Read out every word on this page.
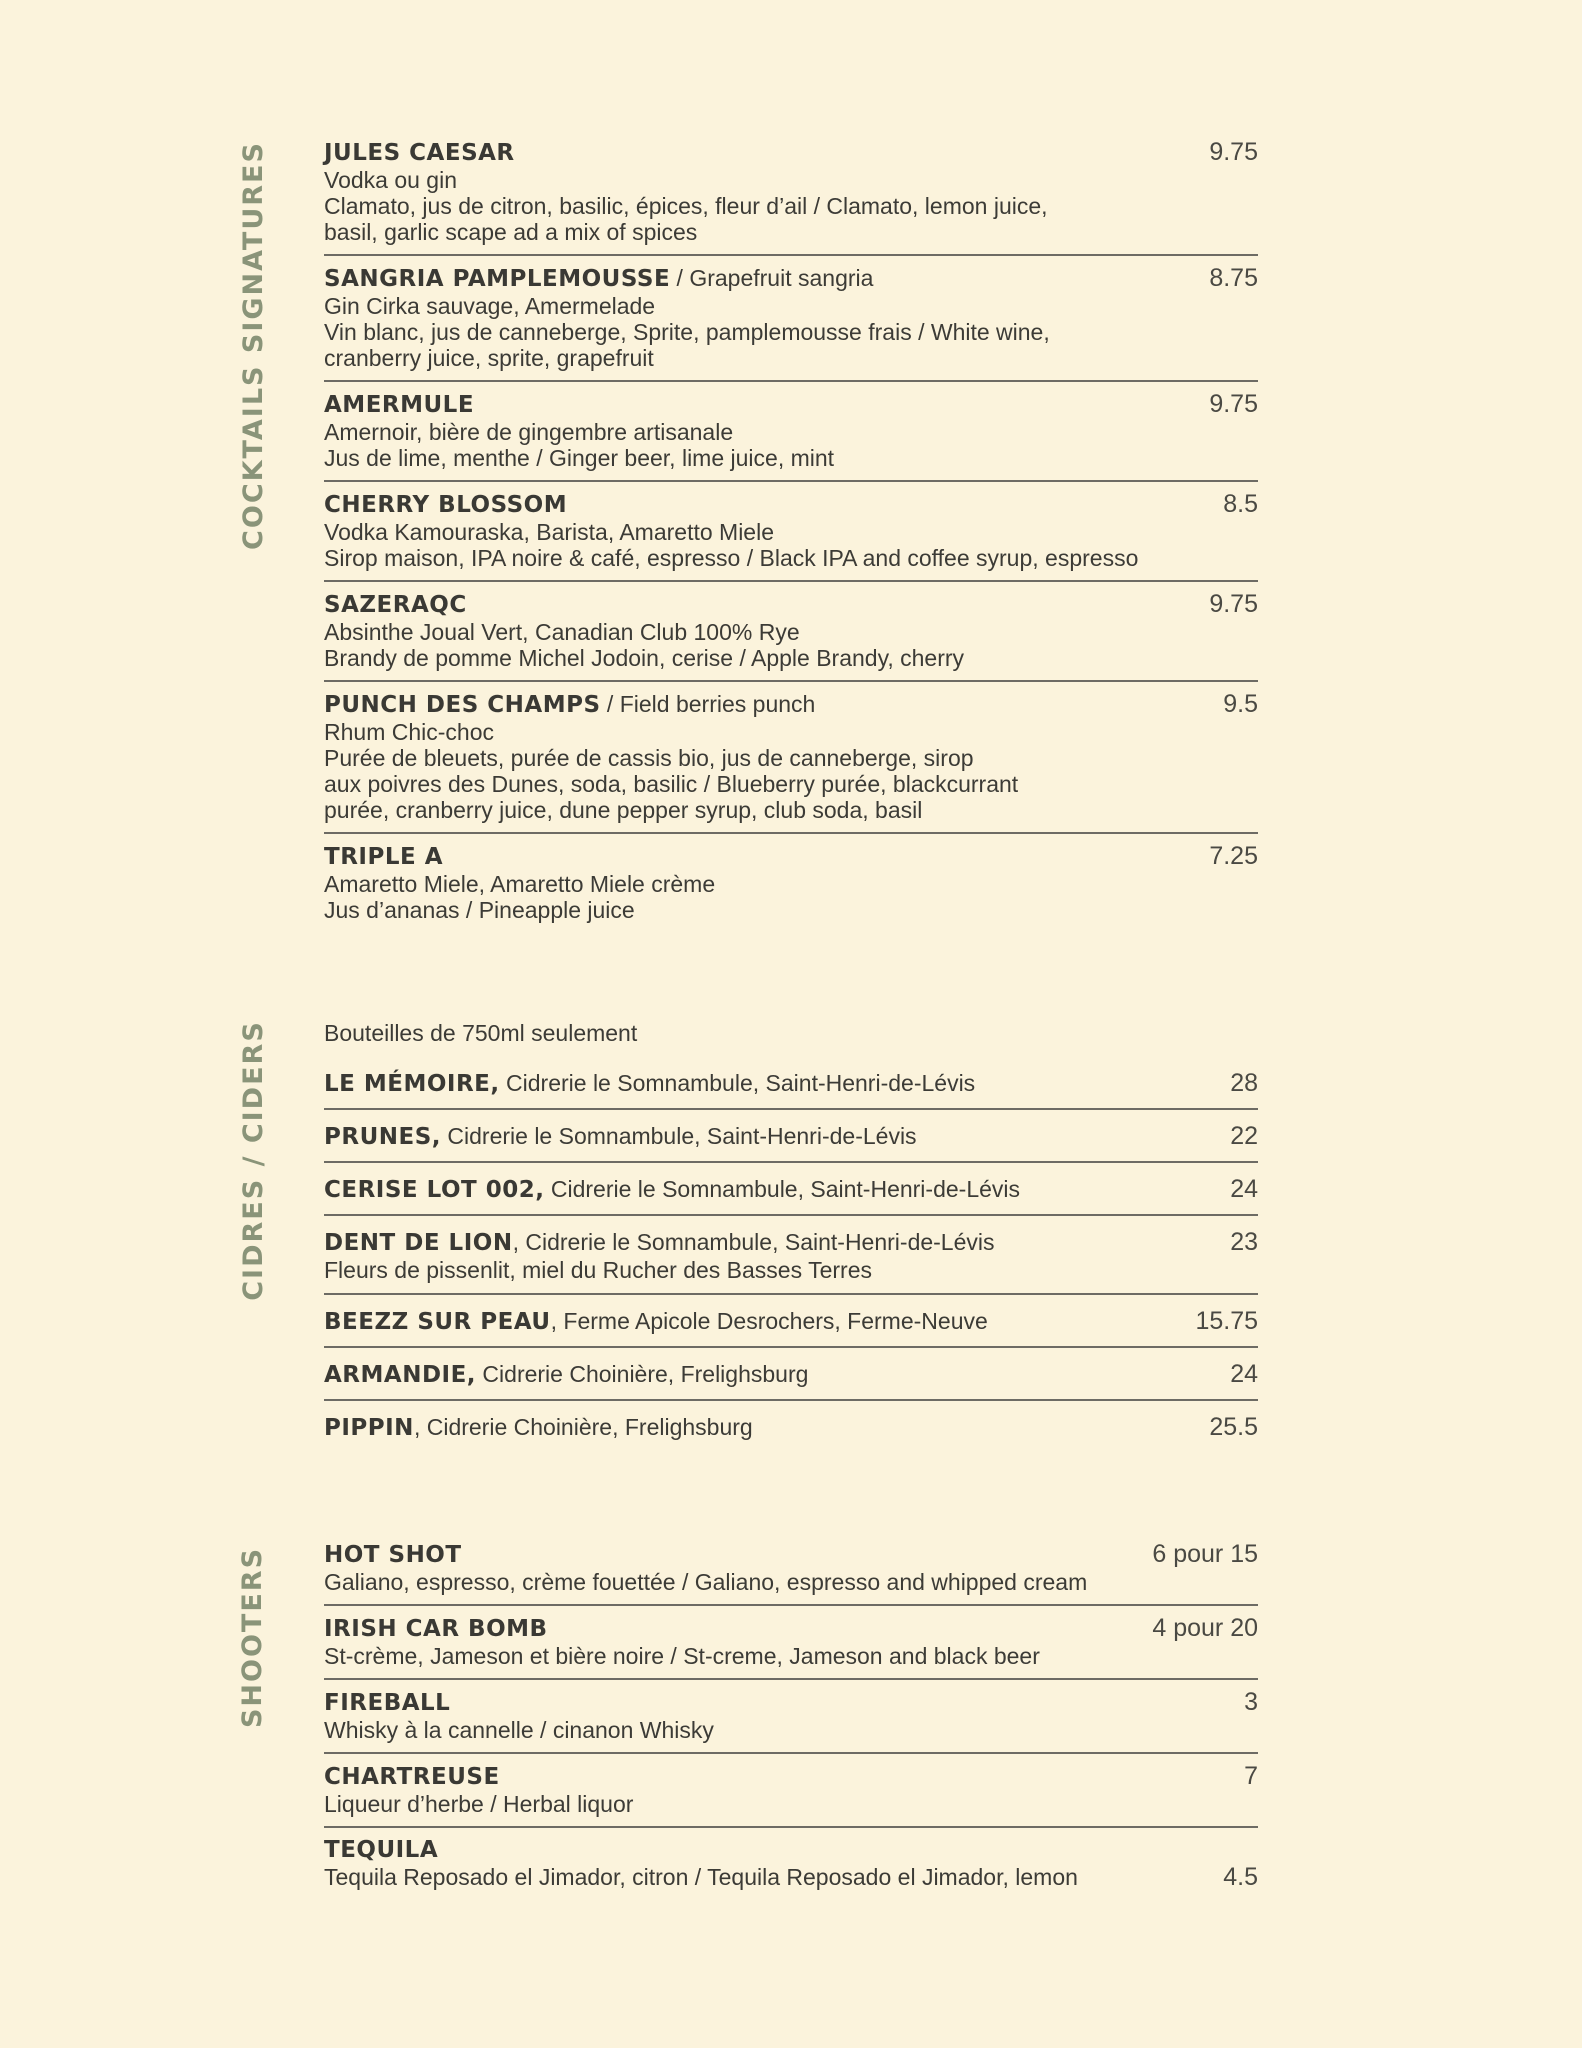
COCKTAILS SIGNATURES JULES CAESAR	9.75
Vodka ou gin
Clamato, jus de citron, basilic, épices, fleur d’ail / Clamato, lemon juice,
basil, garlic scape ad a mix of spices
SANGRIA PAMPLEMOUSSE / Grapefruit sangria	8.75
Gin Cirka sauvage, Amermelade
Vin blanc, jus de canneberge, Sprite, pamplemousse frais / White wine,
cranberry juice, sprite, grapefruit
AMERMULE	9.75
Amernoir, bière de gingembre artisanale
Jus de lime, menthe / Ginger beer, lime juice, mint
CHERRY BLOSSOM	8.5
Vodka Kamouraska, Barista, Amaretto Miele
Sirop maison, IPA noire & café, espresso / Black IPA and coffee syrup, espresso
SAZERAQC	9.75
Absinthe Joual Vert, Canadian Club 100% Rye
Brandy de pomme Michel Jodoin, cerise / Apple Brandy, cherry
PUNCH DES CHAMPS / Field berries punch	9.5
Rhum Chic-choc
Purée de bleuets, purée de cassis bio, jus de canneberge, sirop
aux poivres des Dunes, soda, basilic / Blueberry purée, blackcurrant
purée, cranberry juice, dune pepper syrup, club soda, basil
TRIPLE A	7.25
Amaretto Miele, Amaretto Miele crème
Jus d’ananas / Pineapple juice
CIDRES / CIDERS Bouteilles de 750ml seulement
LE MÉMOIRE, Cidrerie le Somnambule, Saint-Henri-de-Lévis	28
PRUNES, Cidrerie le Somnambule, Saint-Henri-de-Lévis	22
CERISE LOT 002, Cidrerie le Somnambule, Saint-Henri-de-Lévis	24
DENT DE LION, Cidrerie le Somnambule, Saint-Henri-de-Lévis	23
Fleurs de pissenlit, miel du Rucher des Basses Terres
BEEZZ SUR PEAU, Ferme Apicole Desrochers, Ferme-Neuve	15.75
ARMANDIE, Cidrerie Choinière, Frelighsburg	24
PIPPIN, Cidrerie Choinière, Frelighsburg	25.5
SHOOTERS HOT SHOT	6 pour 15
Galiano, espresso, crème fouettée / Galiano, espresso and whipped cream
IRISH CAR BOMB	4 pour 20
St-crème, Jameson et bière noire / St-creme, Jameson and black beer
FIREBALL	3
Whisky à la cannelle / cinanon Whisky
CHARTREUSE	7
Liqueur d’herbe / Herbal liquor
TEQUILA
Tequila Reposado el Jimador, citron / Tequila Reposado el Jimador, lemon	4.5
